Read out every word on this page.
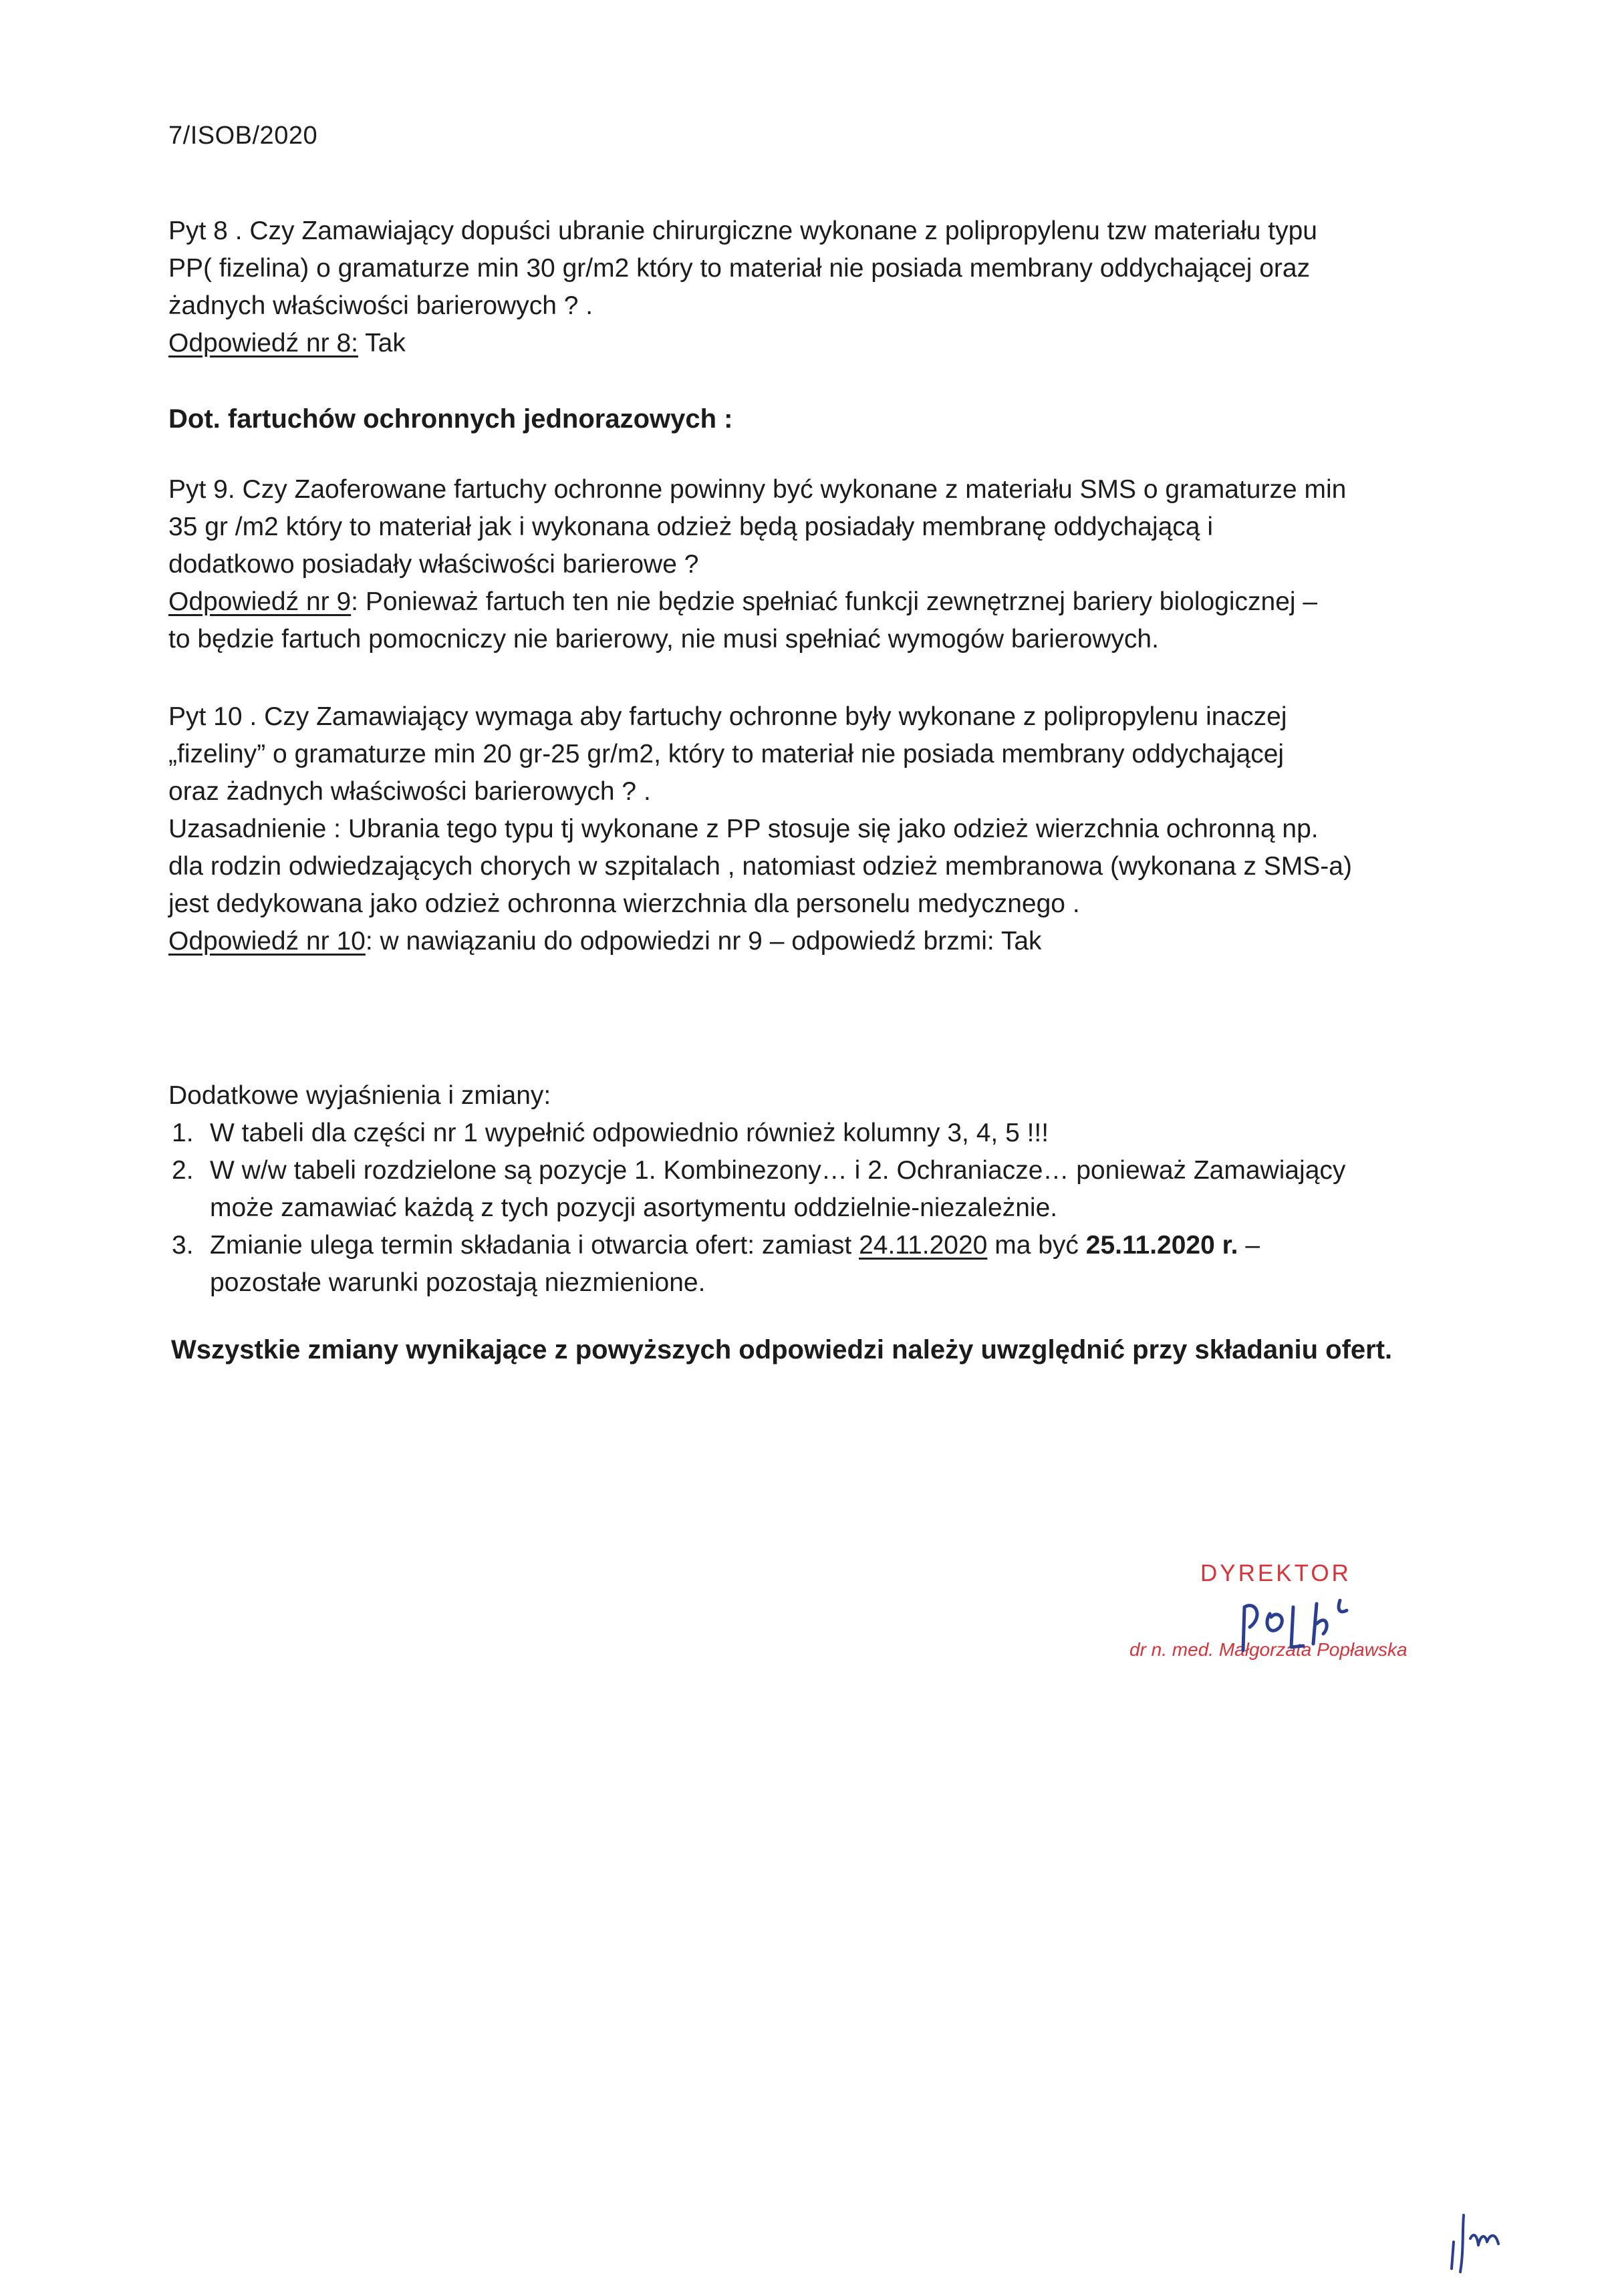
7/ISOB/2020

Pyt 8 . Czy Zamawiający dopuści ubranie chirurgiczne wykonane z polipropylenu tzw materiału typu

PP( fizelina) o gramaturze min 30 gr/m2 który to materiał nie posiada membrany oddychającej oraz

żadnych właściwości barierowych ? .

Odpowiedź nr 8: Tak

Dot. fartuchów ochronnych jednorazowych :

Pyt 9. Czy Zaoferowane fartuchy ochronne powinny być wykonane z materiału SMS o gramaturze min

35 gr /m2 który to materiał jak i wykonana odzież będą posiadały membranę oddychającą i

dodatkowo posiadały właściwości barierowe ?

Odpowiedź nr 9: Ponieważ fartuch ten nie będzie spełniać funkcji zewnętrznej bariery biologicznej –

to będzie fartuch pomocniczy nie barierowy, nie musi spełniać wymogów barierowych.

Pyt 10 . Czy Zamawiający wymaga aby fartuchy ochronne były wykonane z polipropylenu inaczej

„fizeliny” o gramaturze min 20 gr-25 gr/m2, który to materiał nie posiada membrany oddychającej

oraz żadnych właściwości barierowych ? .

Uzasadnienie : Ubrania tego typu tj wykonane z PP stosuje się jako odzież wierzchnia ochronną np.

dla rodzin odwiedzających chorych w szpitalach , natomiast odzież membranowa (wykonana z SMS-a)

jest dedykowana jako odzież ochronna wierzchnia dla personelu medycznego .

Odpowiedź nr 10: w nawiązaniu do odpowiedzi nr 9 – odpowiedź brzmi: Tak

Dodatkowe wyjaśnienia i zmiany:

1. W tabeli dla części nr 1 wypełnić odpowiednio również kolumny 3, 4, 5 !!!
2. W w/w tabeli rozdzielone są pozycje 1. Kombinezony… i 2. Ochraniacze… ponieważ Zamawiający
może zamawiać każdą z tych pozycji asortymentu oddzielnie-niezależnie.
3. Zmianie ulega termin składania i otwarcia ofert: zamiast 24.11.2020 ma być 25.11.2020 r. –
pozostałe warunki pozostają niezmienione.
Wszystkie zmiany wynikające z powyższych odpowiedzi należy uwzględnić przy składaniu ofert.
DYREKTOR
dr n. med. Małgorzata Popławska
